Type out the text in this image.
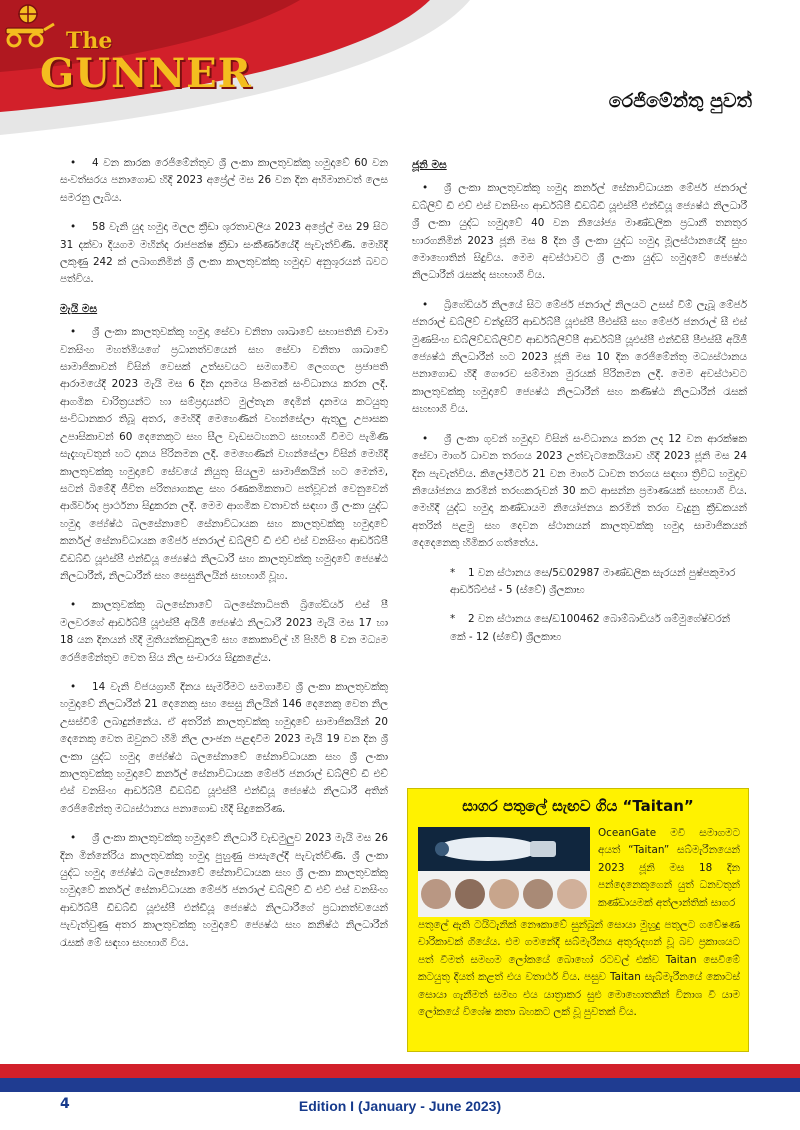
The
GUNNER
රෙජිමේන්තු පුවත්

• 4 වන කාරක රෙජිමේන්තුව ශ්‍රී ලංකා කාලතුවක්කු හමුදාවේ 60 වන සංවත්සරය පනාගොඩ හිදී 2023 අප්‍රේල් මස 26 වන දින අභිමානවත් ලෙස සමරනු ලැබිය.

• 58 වැනි යුද හමුදා මලල ක්‍රීඩා ශුරතාවලිය 2023 අප්‍රේල් මස 29 සිට 31 දක්වා දියගම මහින්ද රාජපක්ෂ ක්‍රීඩා සංකීර්ණයේදී පැවැත්විණි. මෙහිදී ලකුණු 242 ක් ලබාගනිමින් ශ්‍රී ලංකා කාලතුවක්කු හමුදාව අනුශූරයන් බවට පත්විය.

මැයි මස

• ශ්‍රී ලංකා කාලතුවක්කු හමුදා සේවා වනිතා ශාඛාවේ සභාපතිනි චාමා වනසිංහ මහත්මියගේ ප්‍රධානත්වයෙන් සහ සේවා වනිතා ශාඛාවේ සාමාජිකාවන් විසින් වෙසක් උත්සවයට සමගාමීව ලෙගගල ප්‍රජාපති ආරාමයේදී 2023 මැයි මස 6 දින දානමය පිංකමක් සංවිධානය කරන ලදී. ආගමික චාරිත්‍රයන්ට හා සම්ප්‍රදායන්ට මුල්තැන දෙමින් දානමය කටයුතු සංවිධානකර තිබූ අතර, මෙහිදී මෙහෙණින් වහන්සේලා ඇතුලු උපාසක උපාසිකාවන් 60 දෙනෙකුට සහ සීල වැඩසටහනට සහභාගි වීමට පැමිණි සැදැහැවතුන් හට දානය පිරිනමන ලදී. මෙහෙණින් වහන්සේලා විසින් මෙහිදී කාලතුවක්කු හමුදාවේ සේවයේ නියුතු සියලුම සාමාජිකයින් හට මෙන්ම, සටන් බිමේදී ජීවිත පරිත්‍යාගකළ සහ රණකමිකතාට පත්වූවන් වෙනුවෙන් ආශිර්වාද ප්‍රාර්ථනා සිදුකරන ලදී. මෙම ආගමික වතාවත් සඳහා ශ්‍රී ලංකා යුද්ධ හමුදා ජ්‍යේෂ්ඨ බලසේනාවේ සේනාවිධායක සහ කාලතුවක්කු හමුදාවේ කර්නල් සේනාවිධායක මේජර් ජනරාල් ඩබ්ලිව් ඩී එච් එස් වනසිංහ ආර්ඩබ්පී ඩීඩබ්ඩී යූඑස්පී එන්ඩීයූ ජ්‍යෙෂ්ඨ නිලධාරී සහ කාලතුවක්කු හමුදාවේ ජ්‍යෙෂ්ඨ නිලධාරීන්, නිලධාරීන් සහ සෙසුනිලයින් සහභාගි වූහ.

• කාලතුවක්කු බලසේනාවේ බලසේනාධිපති බ්‍රිගේඩියර් එස් පී මලවරගේ ආර්ඩබ්පී යූඑස්පී අයිජී ජ්‍යෙෂ්ඨ නිලධාරී 2023 මැයි මස 17 හා 18 යන දිනයන් හිදී මුතියන්කඩුකුලම් සහ කොකාවිල් හි පිහිටි 8 වන මධ්‍යම රෙජිමේන්තුව වෙත සිය නිල සංචාරය සිදුකළේය.

• 14 වැනි විජයග්‍රාහී දිනය සැමරීමට සමගාමීව ශ්‍රී ලංකා කාලතුවක්කු හමුදාවේ නිලධාරීන් 21 දෙනෙකු සහ සෙසු නිලයින් 146 දෙනෙකු වෙත නිල උසස්වීම් ලබාදුන්නේය. ඒ අතරින් කාලතුවක්කු හමුදාවේ සාමාජිකයින් 20 දෙනෙකු වෙත ඔවුනට හිමි නිල ලාංඡන පළඳවීම 2023 මැයි 19 වන දින ශ්‍රී ලංකා යුද්ධ හමුදා ජ්‍යේෂ්ඨ බලසේනාවේ සේනාවිධායක සහ ශ්‍රී ලංකා කාලතුවක්කු හමුදාවේ කර්නල් සේනාවිධායක මේජර් ජනරාල් ඩබ්ලිව් ඩී එච් එස් වනසිංහ ආර්ඩබ්පී ඩීඩබ්ඩී යූඑස්පී එන්ඩීයූ ජ්‍යෙෂ්ඨ නිලධාරී අතින් රෙජිමේන්තු මධ්‍යස්ථානය පනාගොඩ හිදී සිදුකෙරිණ.

• ශ්‍රී ලංකා කාලතුවක්කු හමුදාවේ නිලධාරී වැඩමුලුව 2023 මැයි මස 26 දින මින්නේරිය කාලතුවක්කු හමුදා පුහුණු පාසැලේදී පැවැත්විණි. ශ්‍රී ලංකා යුද්ධ හමුදා ජ්‍යේෂ්ඨ බලසේනාවේ සේනාවිධායක සහ ශ්‍රී ලංකා කාලතුවක්කු හමුදාවේ කර්නල් සේනාවිධායක මේජර් ජනරාල් ඩබ්ලිව් ඩී එච් එස් වනසිංහ ආර්ඩබ්පී ඩීඩබ්ඩී යූඑස්පී එන්ඩීයූ ජ්‍යෙෂ්ඨ නිලධාරීගේ ප්‍රධානත්වයෙන් පැවැත්වුණු අතර කාලතුවක්කු හමුදාවේ ජ්‍යෙෂ්ඨ සහ කනිෂ්ඨ නිලධාරීන් රැසක් මේ සඳහා සහභාගි විය.

ජූනි මස

• ශ්‍රී ලංකා කාලතුවක්කු හමුදා කර්නල් සේනාවිධායක මේජර් ජනරාල් ඩබ්ලිව් ඩී එච් එස් වනසිංහ ආර්ඩබ්පී ඩීඩබ්ඩී යූඑස්පී එන්ඩීයූ ජ්‍යෙෂ්ඨ නිලධාරී ශ්‍රී ලංකා යුද්ධ හමුදාවේ 40 වන නියෝජ්‍ය මාණ්ඩලික ප්‍රධානී තනතුර භාරගනිමින් 2023 ජූනි මස 8 දින ශ්‍රී ලංකා යුද්ධ හමුදා මූලස්ථානයේදී සුභ මොහොතින් සිදුවිය. මෙම අවස්ථාවට ශ්‍රී ලංකා යුද්ධ හමුදාවේ ජ්‍යෙෂ්ඨ නිලධාරීන් රැසක්ද සහභාගි විය.

• බ්‍රිගේඩියර් නිලයේ සිට මේජර් ජනරාල් නිලයට උසස් වීම් ලැබූ මේජර් ජනරාල් ඩබ්ලිව් චන්ද්‍රසිරි ආර්ඩබ්පී යූඑස්පී පීඑස්සී සහ මේජර් ජනරාල් සී එස් මුණසිංහ ඩබ්ලිව්ඩබ්ලිව්වී ආර්ඩබ්ලිව්පී ආර්ඩබ්පී යූඑස්පී එන්ඩීසී පීඑස්සී අයිජී ජ්‍යෙෂ්ඨ නිලධාරීන් හට 2023 ජූනි මස 10 දින රෙජිමේන්තු මධ්‍යස්ථානය පනාගොඩ හිදී ගෞරව සම්මාන මුරයක් පිරිනමන ලදී. මෙම අවස්ථාවට කාලතුවක්කු හමුදාවේ ජ්‍යෙෂ්ඨ නිලධාරීන් සහ කණිෂ්ඨ නිලධාරීන් රැසක් සහභාගි විය.

• ශ්‍රී ලංකා ගුවන් හමුදාව විසින් සංවිධානය කරන ලද 12 වන ආරක්ෂක සේවා මාර්ග ධාවන තරගය 2023 උත්වැටකෙයියාව හිදී 2023 ජූනි මස 24 දින පැවැත්විය. කිලෝමීටර් 21 වන මාර්ග ධාවන තරගය සඳහා ත්‍රිවිධ හමුදාව නියෝජනය කරමින් තරඟකරුවන් 30 කට ආසන්න ප්‍රමාණයක් සහභාගි විය. මෙහිදී යුද්ධ හමුදා කණ්ඩායම නියෝජනය කරමින් තරග වැදුනු ක්‍රීඩකයන් අතරින් පළමු සහ දෙවන ස්ථානයන් කාලතුවක්කු හමුදා සාමාජිකයන් දෙදෙනෙකු හිමිකර ගත්තේය.

* 1 වන ස්ථානය සෙ/5ඩ02987 මාණ්ඩලික සැරයන් පුෂ්පකුමාර ආර්ඩබ්එස් - 5 (ස්වේ) ශ්‍රීලකාභ

* 2 වන ස්ථානය සෙ/ඩ100462 බොම්බාඩියර් ශම්මුගේෂ්වරන් කේ - 12 (ස්වේ) ශ්‍රීලකාභ

සාගර පතුලේ සැඟව ගිය “Taitan”
OceanGate මවී සමාගමට අයත් “Taitan” සබ්මැරීනයෙන් 2023 ජූනි මස 18 දින පන්දෙනෙකුගෙන් යුත් ධනවතුන් කණ්ඩායමක් අත්ලාන්තික් සාගර
පතුලේ ඇති ටයිටැනික් නෞකාවේ සුන්බුන් සොයා මුහුදු පතුලට ගවේෂණ චාරිකාවක් ගියේය. එම ගමනේදී සබ්මැරීනය අතුරුදහන් වූ බව ප්‍රකාශයට පත් වීමත් සමඟම ලෝකයේ බොහෝ රටවල් එක්ව Taitan සෙවීමේ කටයුතු දියත් කළත් එය වතාර්ථ විය. පසුව Taitan සැබ්මැරීනයේ කොටස් සොයා ගැනීමත් සමඟ එය යාත්‍රාකර සුළු මොහොතකින් විනාශ වී යාම ලෝකයේ විශේෂ කතා බහකට ලක් වූ පුවතක් විය.
4	Edition I (January - June 2023)
